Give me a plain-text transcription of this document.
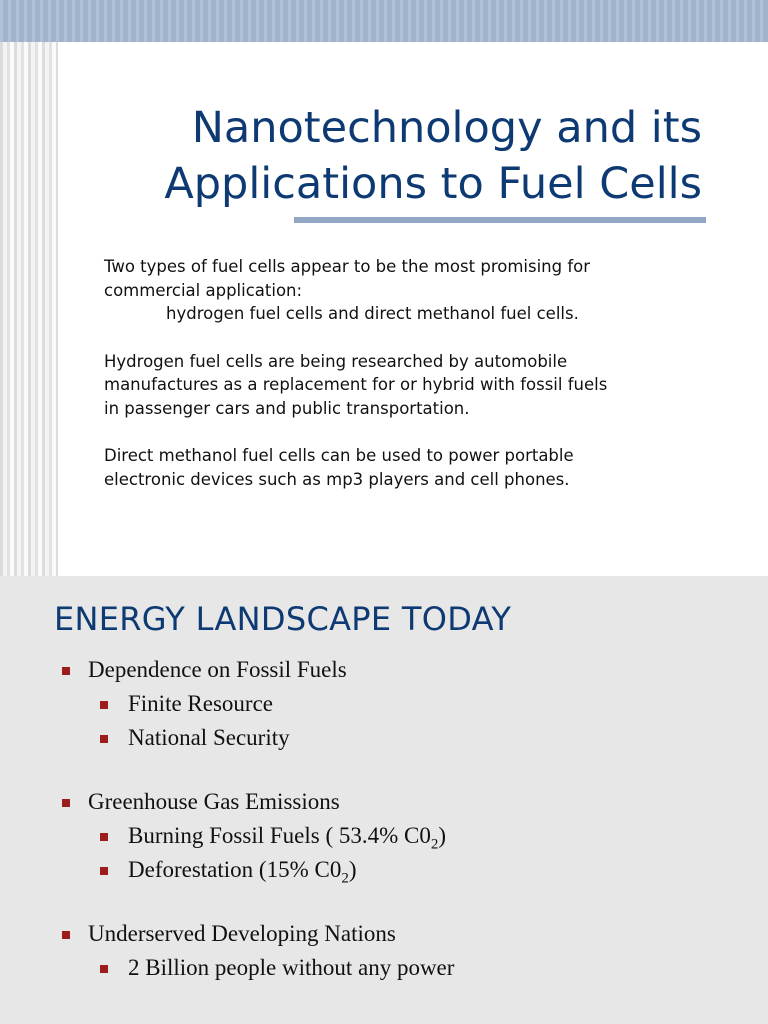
Nanotechnology and its
Applications to Fuel Cells

Two types of fuel cells appear to be the most promising for

commercial application:

hydrogen fuel cells and direct methanol fuel cells.

Hydrogen fuel cells are being researched by automobile

manufactures as a replacement for or hybrid with fossil fuels

in passenger cars and public transportation.

Direct methanol fuel cells can be used to power portable

electronic devices such as mp3 players and cell phones.

ENERGY LANDSCAPE TODAY
Dependence on Fossil Fuels
Finite Resource
National Security
Greenhouse Gas Emissions
Burning Fossil Fuels ( 53.4% $C0_2$)
Deforestation (15% $C0_2$)
Underserved Developing Nations
2 Billion people without any power
